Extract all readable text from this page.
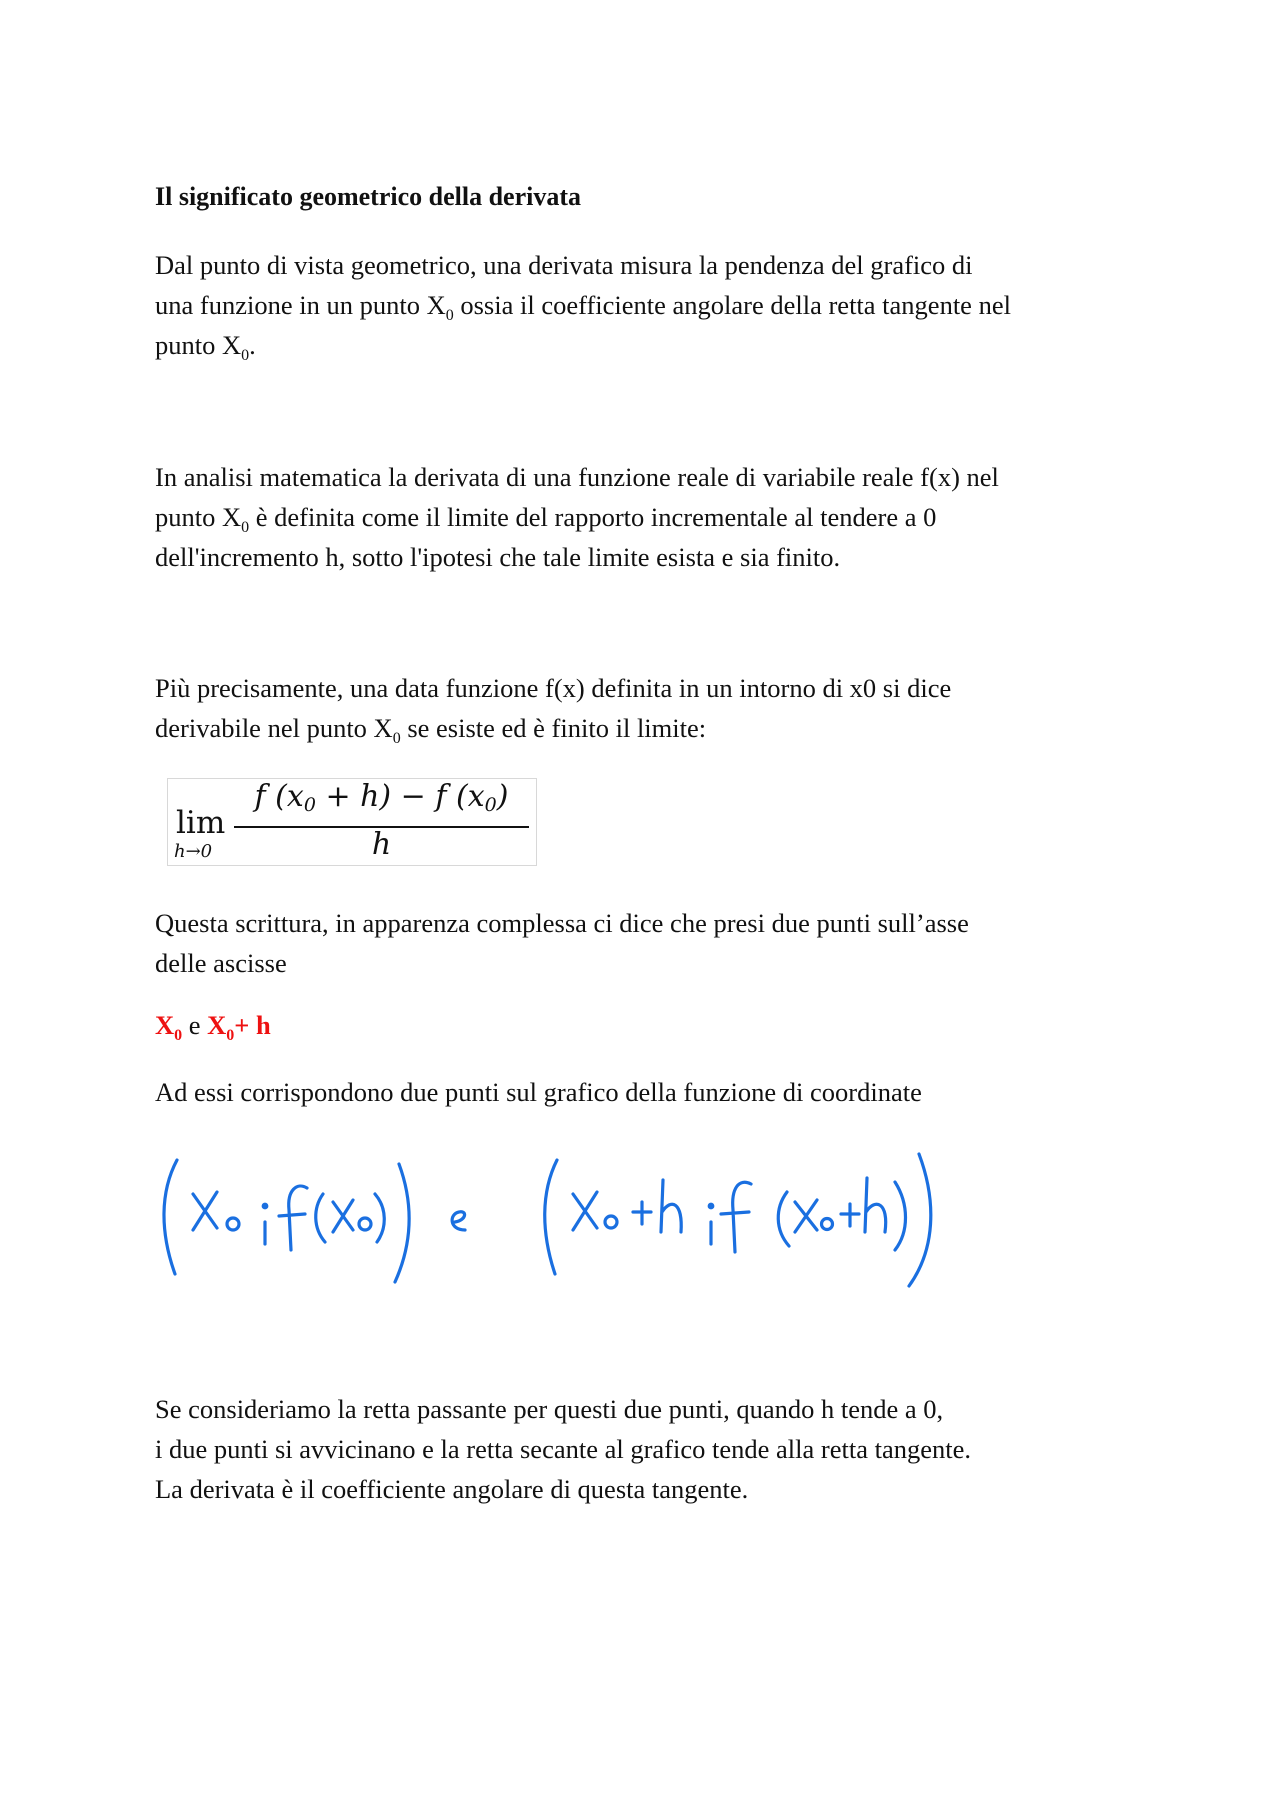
Il significato geometrico della derivata

Dal punto di vista geometrico, una derivata misura la pendenza del grafico di
una funzione in un punto $X_0$ ossia il coefficiente angolare della retta tangente nel
punto $X_0$.

In analisi matematica la derivata di una funzione reale di variabile reale f(x) nel
punto $X_0$ è definita come il limite del rapporto incrementale al tendere a 0
dell'incremento h, sotto l'ipotesi che tale limite esista e sia finito.

Più precisamente, una data funzione f(x) definita in un intorno di x0 si dice
derivabile nel punto $X_0$ se esiste ed è finito il limite:

lim
h→0
f (x0 + h) − f (x0)
h

Questa scrittura, in apparenza complessa ci dice che presi due punti sull’asse
delle ascisse

$X_0$ e $X_0+ h$

Ad essi corrispondono due punti sul grafico della funzione di coordinate

Se consideriamo la retta passante per questi due punti, quando h tende a 0,
i due punti si avvicinano e la retta secante al grafico tende alla retta tangente.
La derivata è il coefficiente angolare di questa tangente.
